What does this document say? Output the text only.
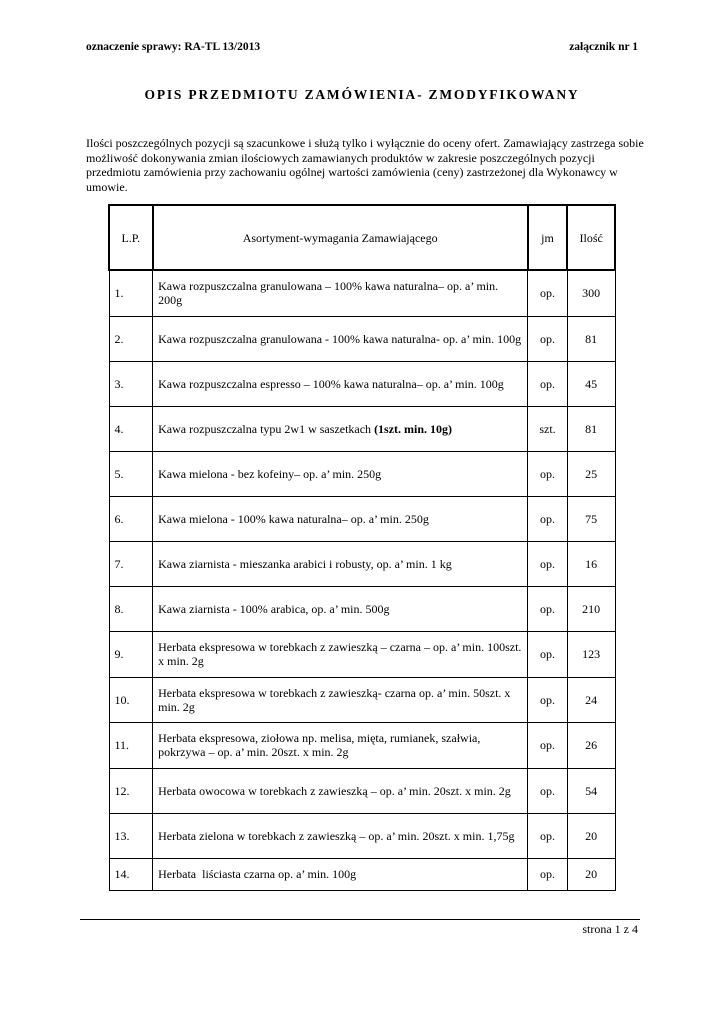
oznaczenie sprawy: RA-TL 13/2013	załącznik nr 1
OPIS PRZEDMIOTU ZAMÓWIENIA- ZMODYFIKOWANY
Ilości poszczególnych pozycji są szacunkowe i służą tylko i wyłącznie do oceny ofert. Zamawiający zastrzega sobie możliwość dokonywania zmian ilościowych zamawianych produktów w zakresie poszczególnych pozycji przedmiotu zamówienia przy zachowaniu ogólnej wartości zamówienia (ceny) zastrzeżonej dla Wykonawcy w umowie.
L.P.	Asortyment-wymagania Zamawiającego	jm	Ilość
1.	Kawa rozpuszczalna granulowana – 100% kawa naturalna– op. a’ min. 200g	op.	300
2.	Kawa rozpuszczalna granulowana - 100% kawa naturalna- op. a’ min. 100g	op.	81
3.	Kawa rozpuszczalna espresso – 100% kawa naturalna– op. a’ min. 100g	op.	45
4.	Kawa rozpuszczalna typu 2w1 w saszetkach (1szt. min. 10g)	szt.	81
5.	Kawa mielona - bez kofeiny– op. a’ min. 250g	op.	25
6.	Kawa mielona - 100% kawa naturalna– op. a’ min. 250g	op.	75
7.	Kawa ziarnista - mieszanka arabici i robusty, op. a’ min. 1 kg	op.	16
8.	Kawa ziarnista - 100% arabica, op. a’ min. 500g	op.	210
9.	Herbata ekspresowa w torebkach z zawieszką – czarna – op. a’ min. 100szt. x min. 2g	op.	123
10.	Herbata ekspresowa w torebkach z zawieszką- czarna op. a’ min. 50szt. x min. 2g	op.	24
11.	Herbata ekspresowa, ziołowa np. melisa, mięta, rumianek, szałwia, pokrzywa – op. a’ min. 20szt. x min. 2g	op.	26
12.	Herbata owocowa w torebkach z zawieszką – op. a’ min. 20szt. x min. 2g	op.	54
13.	Herbata zielona w torebkach z zawieszką – op. a’ min. 20szt. x min. 1,75g	op.	20
14.	Herbata  liściasta czarna op. a’ min. 100g	op.	20
strona 1 z 4
